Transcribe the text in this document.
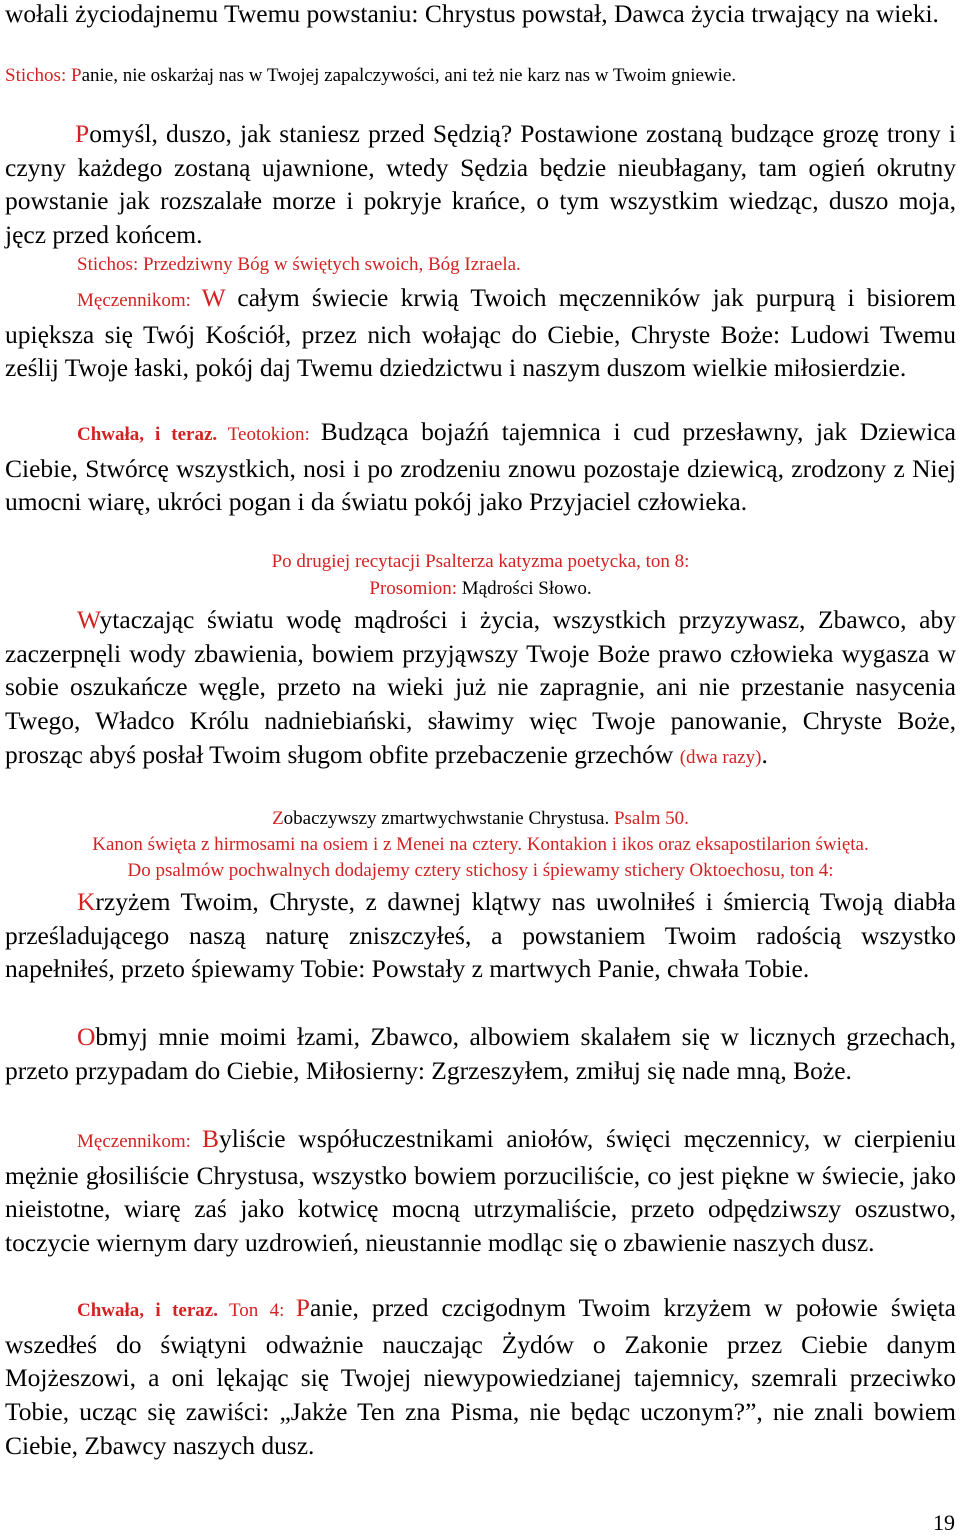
wołali życiodajnemu Twemu powstaniu: Chrystus powstał, Dawca życia trwający na wieki.

Stichos: Panie, nie oskarżaj nas w Twojej zapalczywości, ani też nie karz nas w Twoim gniewie.

Pomyśl, duszo, jak staniesz przed Sędzią? Postawione zostaną budzące grozę trony i czyny każdego zostaną ujawnione, wtedy Sędzia będzie nieubłagany, tam ogień okrutny powstanie jak rozszalałe morze i pokryje krańce, o tym wszystkim wiedząc, duszo moja, jęcz przed końcem.

Stichos: Przedziwny Bóg w świętych swoich, Bóg Izraela.

Męczennikom: W całym świecie krwią Twoich męczenników jak purpurą i bisiorem upiększa się Twój Kościół, przez nich wołając do Ciebie, Chryste Boże: Ludowi Twemu ześlij Twoje łaski, pokój daj Twemu dziedzictwu i naszym duszom wielkie miłosierdzie.

Chwała, i teraz. Teotokion: Budząca bojaźń tajemnica i cud przesławny, jak Dziewica Ciebie, Stwórcę wszystkich, nosi i po zrodzeniu znowu pozostaje dziewicą, zrodzony z Niej umocni wiarę, ukróci pogan i da światu pokój jako Przyjaciel człowieka.

Po drugiej recytacji Psalterza katyzma poetycka, ton 8:

Prosomion: Mądrości Słowo.

Wytaczając światu wodę mądrości i życia, wszystkich przyzywasz, Zbawco, aby zaczerpnęli wody zbawienia, bowiem przyjąwszy Twoje Boże prawo człowieka wygasza w sobie oszukańcze węgle, przeto na wieki już nie zapragnie, ani nie przestanie nasycenia Twego, Władco Królu nadniebiański, sławimy więc Twoje panowanie, Chryste Boże, prosząc abyś posłał Twoim sługom obfite przebaczenie grzechów (dwa razy).

Zobaczywszy zmartwychwstanie Chrystusa. Psalm 50.

Kanon święta z hirmosami na osiem i z Menei na cztery. Kontakion i ikos oraz eksapostilarion święta.

Do psalmów pochwalnych dodajemy cztery stichosy i śpiewamy stichery Oktoechosu, ton 4:

Krzyżem Twoim, Chryste, z dawnej klątwy nas uwolniłeś i śmiercią Twoją diabła prześladującego naszą naturę zniszczyłeś, a powstaniem Twoim radością wszystko napełniłeś, przeto śpiewamy Tobie: Powstały z martwych Panie, chwała Tobie.

Obmyj mnie moimi łzami, Zbawco, albowiem skalałem się w licznych grzechach, przeto przypadam do Ciebie, Miłosierny: Zgrzeszyłem, zmiłuj się nade mną, Boże.

Męczennikom: Byliście współuczestnikami aniołów, święci męczennicy, w cierpieniu mężnie głosiliście Chrystusa, wszystko bowiem porzuciliście, co jest piękne w świecie, jako nieistotne, wiarę zaś jako kotwicę mocną utrzymaliście, przeto odpędziwszy oszustwo, toczycie wiernym dary uzdrowień, nieustannie modląc się o zbawienie naszych dusz.

Chwała, i teraz. Ton 4: Panie, przed czcigodnym Twoim krzyżem w połowie święta wszedłeś do świątyni odważnie nauczając Żydów o Zakonie przez Ciebie danym Mojżeszowi, a oni lękając się Twojej niewypowiedzianej tajemnicy, szemrali przeciwko Tobie, ucząc się zawiści: „Jakże Ten zna Pisma, nie będąc uczonym?”, nie znali bowiem Ciebie, Zbawcy naszych dusz.

19
